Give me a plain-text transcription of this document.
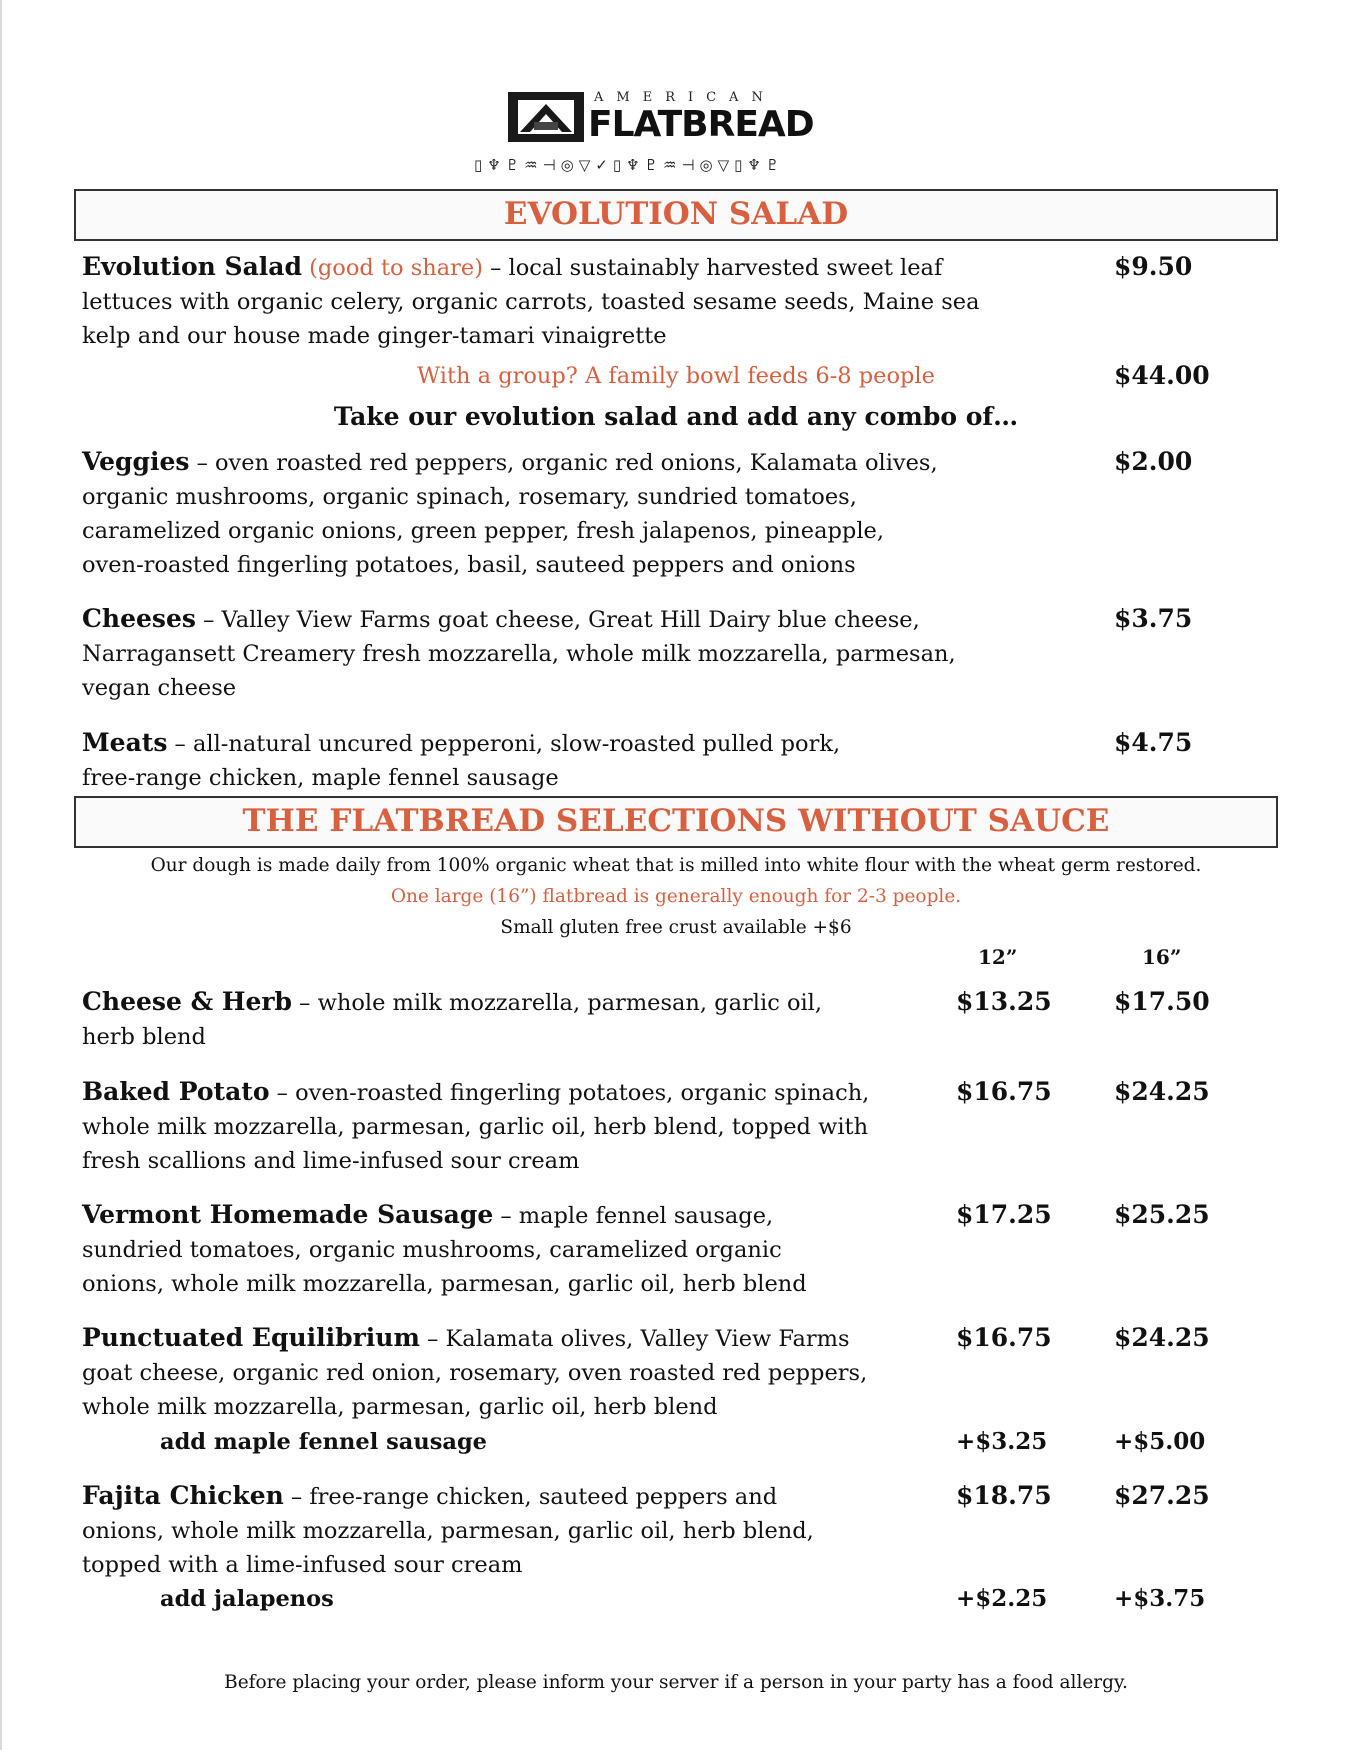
AMERICAN
FLATBREAD
▯♆♇♒⊣◎▽✓▯♆♇♒⊣◎▽▯♆♇
EVOLUTION SALAD
Evolution Salad (good to share) – local sustainably harvested sweet leaf
lettuces with organic celery, organic carrots, toasted sesame seeds, Maine sea
kelp and our house made ginger-tamari vinaigrette
$9.50
With a group? A family bowl feeds 6-8 people	$44.00
Take our evolution salad and add any combo of…
Veggies – oven roasted red peppers, organic red onions, Kalamata olives,
organic mushrooms, organic spinach, rosemary, sundried tomatoes,
caramelized organic onions, green pepper, fresh jalapenos, pineapple,
oven-roasted fingerling potatoes, basil, sauteed peppers and onions
$2.00
Cheeses – Valley View Farms goat cheese, Great Hill Dairy blue cheese,
Narragansett Creamery fresh mozzarella, whole milk mozzarella, parmesan,
vegan cheese
$3.75
Meats – all-natural uncured pepperoni, slow-roasted pulled pork,
free-range chicken, maple fennel sausage
$4.75
THE FLATBREAD SELECTIONS WITHOUT SAUCE
Our dough is made daily from 100% organic wheat that is milled into white flour with the wheat germ restored.
One large (16”) flatbread is generally enough for 2-3 people.
Small gluten free crust available +$6
12”	16”
Cheese & Herb – whole milk mozzarella, parmesan, garlic oil,
herb blend
$13.25 $17.50
Baked Potato – oven-roasted fingerling potatoes, organic spinach,
whole milk mozzarella, parmesan, garlic oil, herb blend, topped with
fresh scallions and lime-infused sour cream
$16.75 $24.25
Vermont Homemade Sausage – maple fennel sausage,
sundried tomatoes, organic mushrooms, caramelized organic
onions, whole milk mozzarella, parmesan, garlic oil, herb blend
$17.25 $25.25
Punctuated Equilibrium – Kalamata olives, Valley View Farms
goat cheese, organic red onion, rosemary, oven roasted red peppers,
whole milk mozzarella, parmesan, garlic oil, herb blend
$16.75 $24.25
add maple fennel sausage	+$3.25	+$5.00
Fajita Chicken – free-range chicken, sauteed peppers and
onions, whole milk mozzarella, parmesan, garlic oil, herb blend,
topped with a lime-infused sour cream
$18.75 $27.25
add jalapenos	+$2.25	+$3.75
Before placing your order, please inform your server if a person in your party has a food allergy.
